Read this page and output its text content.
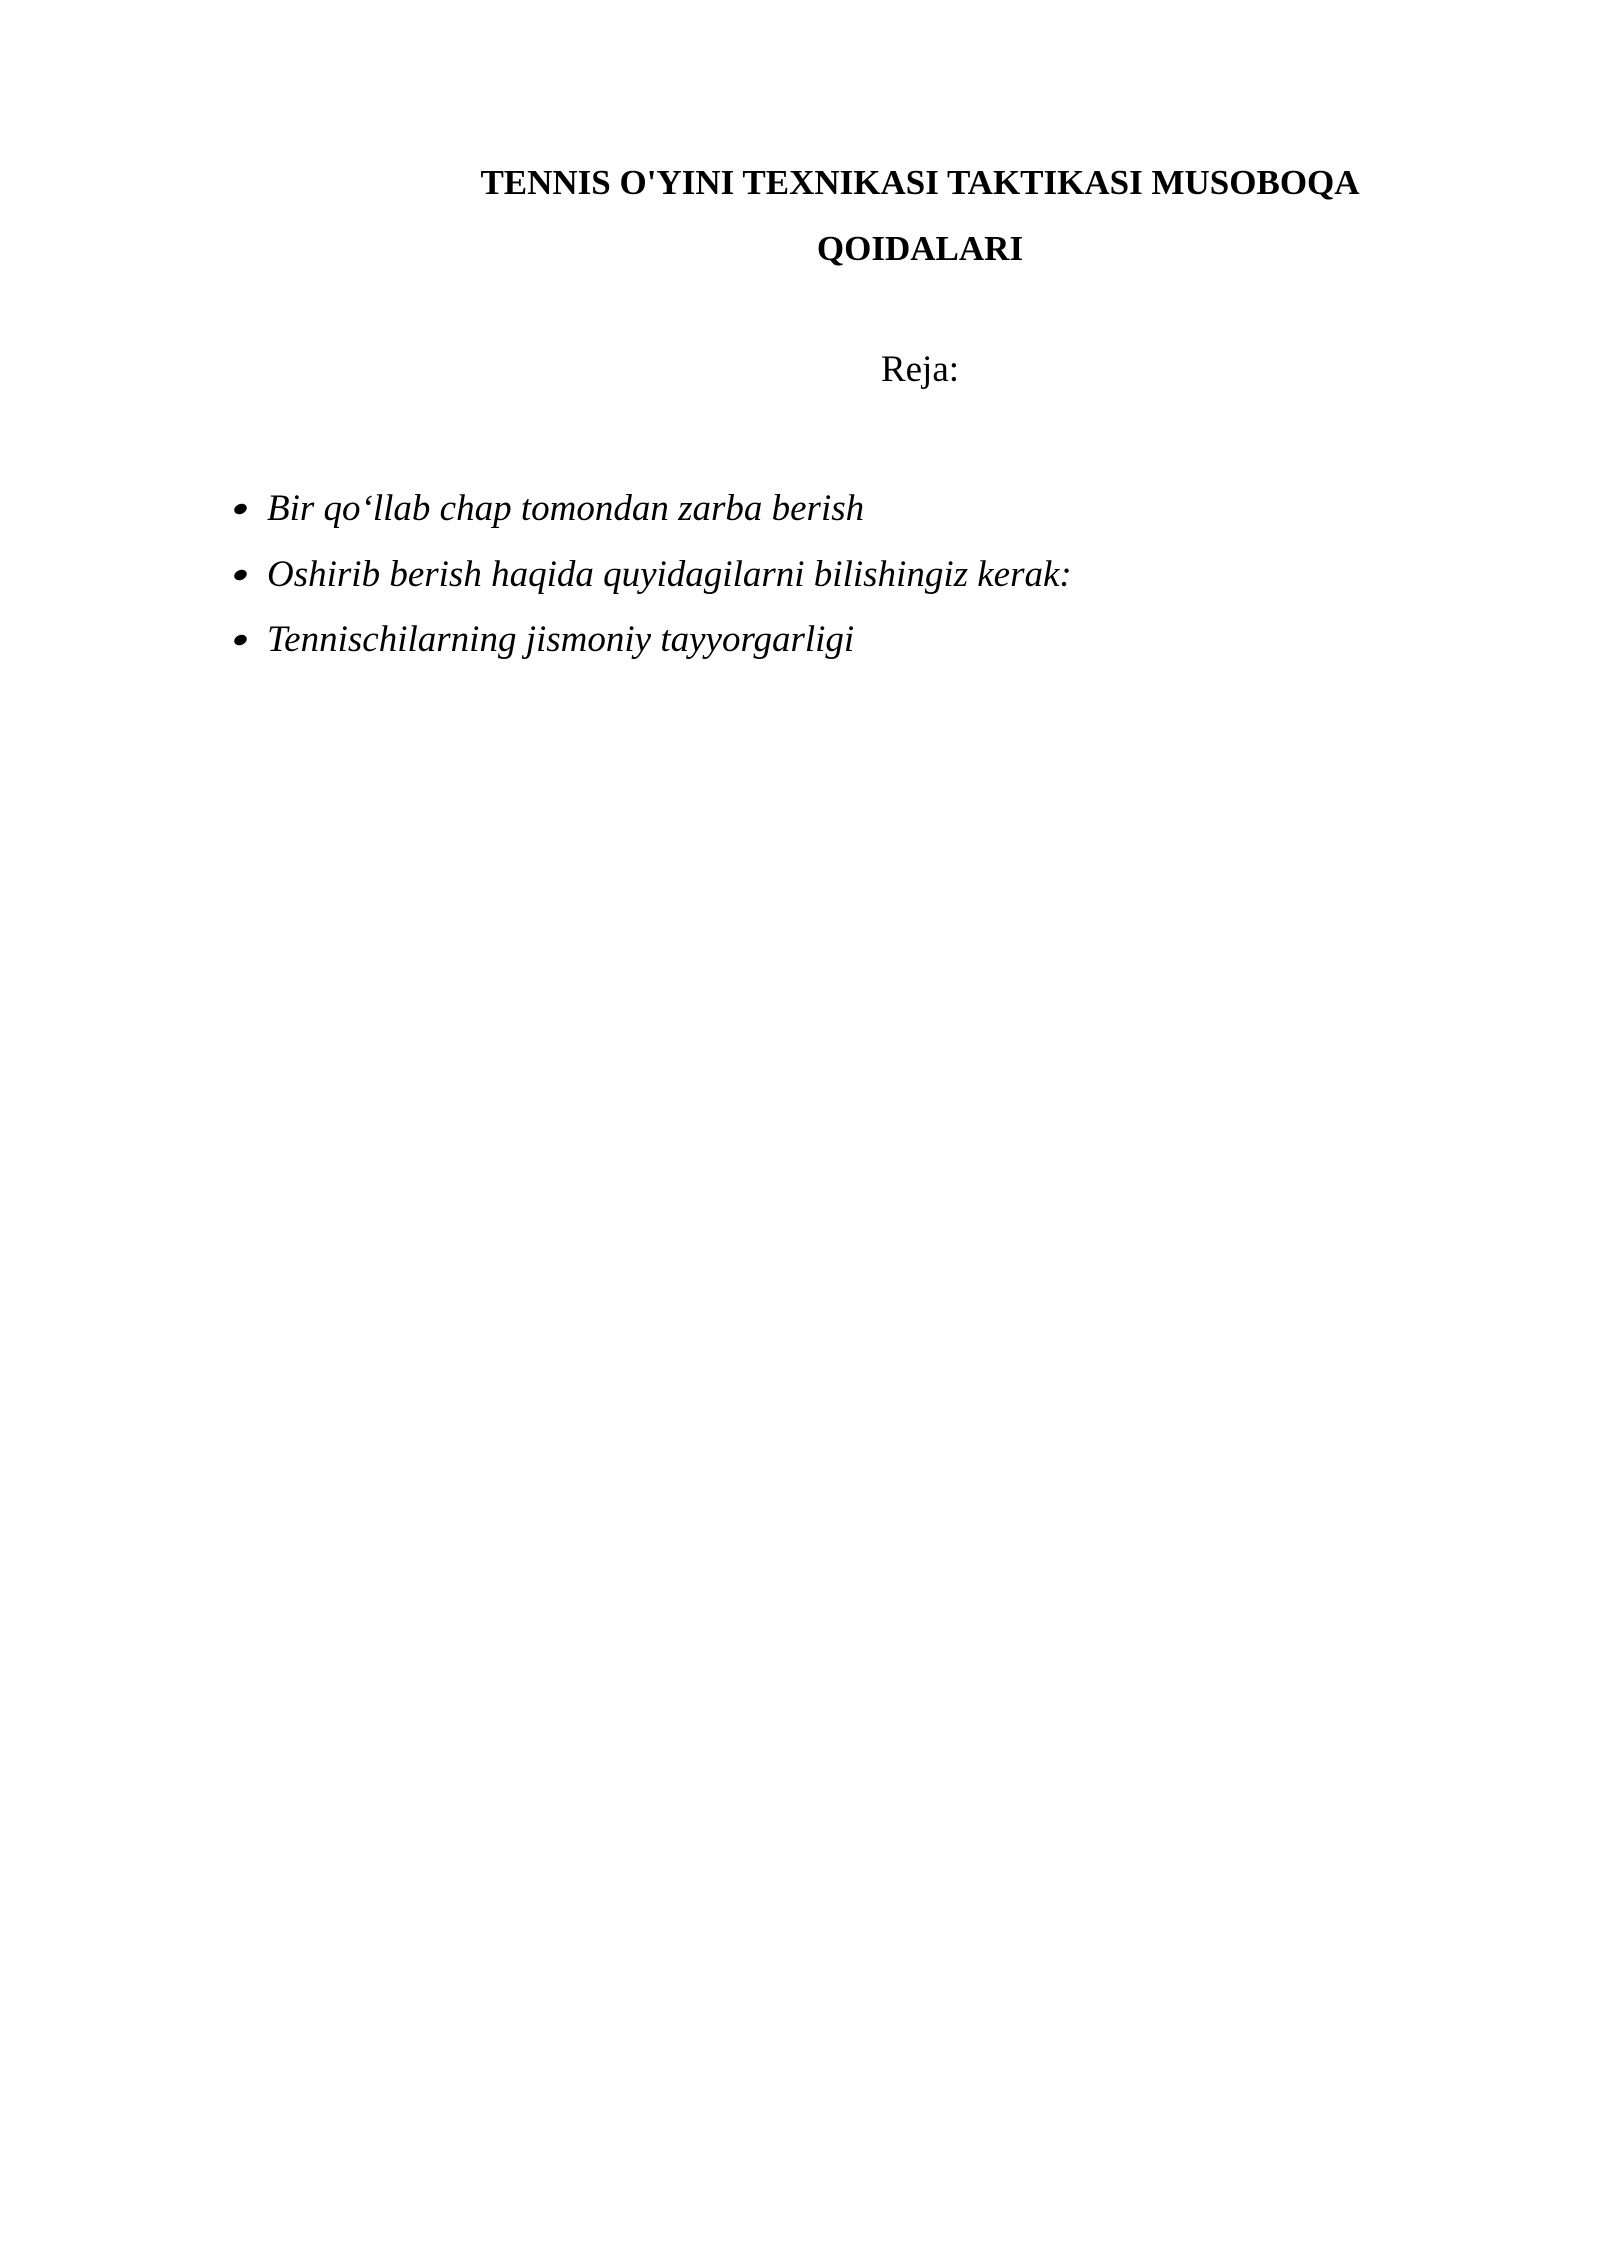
TENNIS O'YINI TEXNIKASI TAKTIKASI MUSOBOQA
QOIDALARI

Reja:

Bir qo‘llab chap tomondan zarba berish
Oshirib berish haqida quyidagilarni bilishingiz kerak:
Tennischilarning jismoniy tayyorgarligi
